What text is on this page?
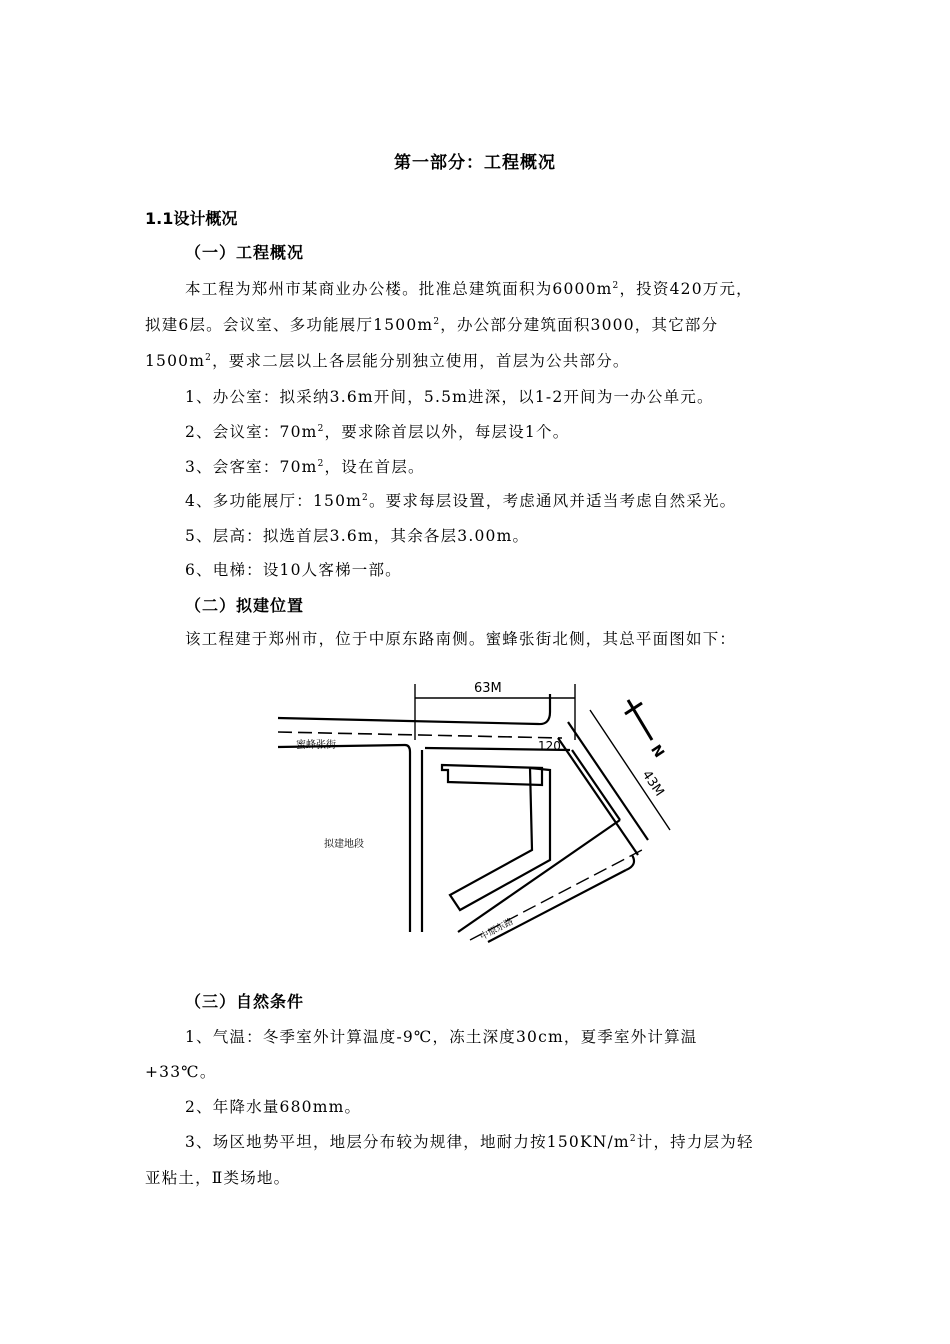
第一部分：工程概况
1.1设计概况
（一）工程概况
本工程为郑州市某商业办公楼。批准总建筑面积为$6000m^2$，投资420万元，
拟建6层。会议室、多功能展厅$1500m^2$，办公部分建筑面积3000，其它部分
$1500m^2$，要求二层以上各层能分别独立使用，首层为公共部分。
1、办公室：拟采纳3.6m开间，5.5m进深，以1-2开间为一办公单元。
2、会议室：$70m^2$，要求除首层以外，每层设1个。
3、会客室：$70m^2$，设在首层。
4、多功能展厅：$150m^2$。要求每层设置，考虑通风并适当考虑自然采光。
5、层高：拟选首层3.6m，其余各层3.00m。
6、电梯：设10人客梯一部。
（二）拟建位置
该工程建于郑州市，位于中原东路南侧。蜜蜂张街北侧，其总平面图如下：
63M
43M
120	N
蜜蜂张街
拟建地段
中原东路
（三）自然条件
1、气温：冬季室外计算温度-9℃，冻土深度30cm，夏季室外计算温
+33℃。
2、年降水量680mm。
3、场区地势平坦，地层分布较为规律，地耐力按$150KN/m^2$计，持力层为轻
亚粘土，Ⅱ类场地。
